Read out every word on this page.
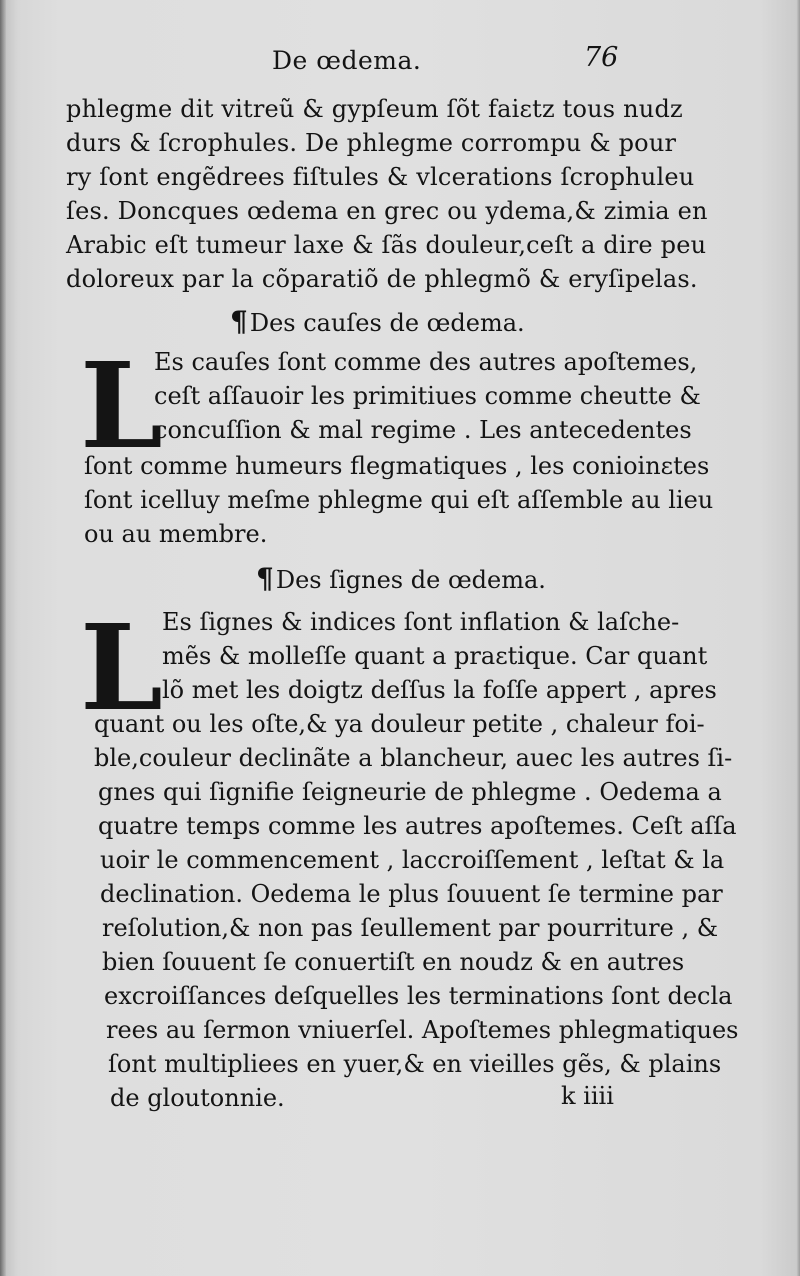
De œdema.	76
phlegme dit vitreũ & gypſeum ſõt faiɛtz tous nudz
durs & ſcrophules. De phlegme corrompu & pour
ry ſont engẽdrees fiſtules & vlcerations ſcrophuleu
ſes. Doncques œdema en grec ou ydema,& zimia en
Arabic eſt tumeur laxe & ſãs douleur,ceſt a dire peu
doloreux par la cõparatiõ de phlegmõ & eryſipelas.
¶Des cauſes de œdema.
L
Es cauſes ſont comme des autres apoſtemes,
ceſt aſſauoir les primitiues comme cheutte &
concuſſion & mal regime . Les antecedentes
ſont comme humeurs flegmatiques , les conioinɛtes
ſont icelluy meſme phlegme qui eſt aſſemble au lieu
ou au membre.
¶Des ſignes de œdema.
L Es ſignes & indices ſont inflation & laſche-
mẽs & molleſſe quant a praɛtique. Car quant
lõ met les doigtz deſſus la foſſe appert , apres
quant ou les oſte,& ya douleur petite , chaleur foi-
ble,couleur declinãte a blancheur, auec les autres ſi-
gnes qui ſignifie ſeigneurie de phlegme . Oedema a
quatre temps comme les autres apoſtemes. Ceſt aſſa
uoir le commencement , laccroiſſement , leſtat & la
declination. Oedema le plus ſouuent ſe termine par
reſolution,& non pas ſeullement par pourriture , &
bien ſouuent ſe conuertiſt en noudz & en autres
excroiſſances deſquelles les terminations ſont decla
rees au ſermon vniuerſel. Apoſtemes phlegmatiques
ſont multipliees en yuer,& en vieilles gẽs, & plains
de gloutonnie.	k iiii
